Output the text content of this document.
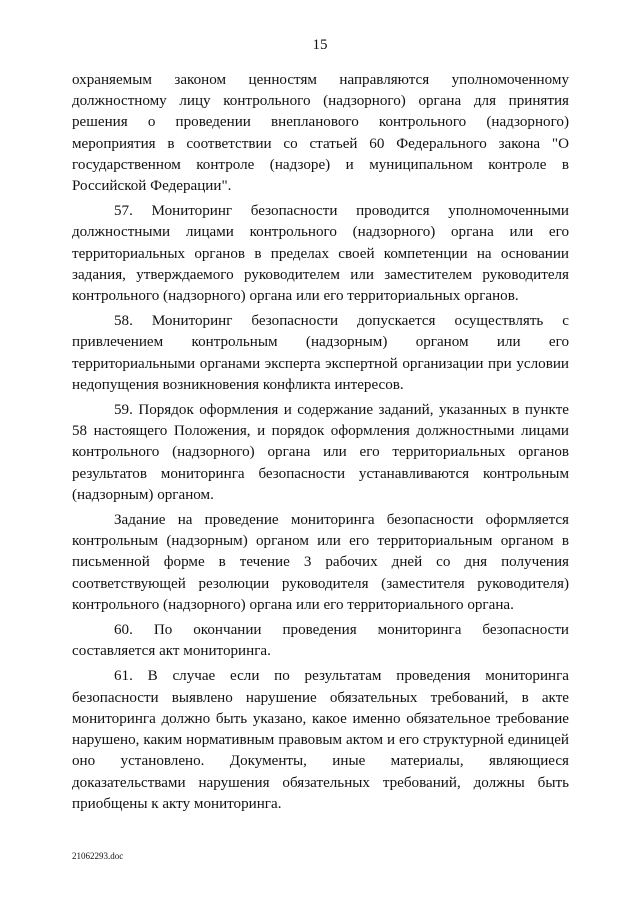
15

охраняемым законом ценностям направляются уполномоченному должностному лицу контрольного (надзорного) органа для принятия решения о проведении внепланового контрольного (надзорного) мероприятия в соответствии со статьей 60 Федерального закона "О государственном контроле (надзоре) и муниципальном контроле в Российской Федерации".

57. Мониторинг безопасности проводится уполномоченными должностными лицами контрольного (надзорного) органа или его территориальных органов в пределах своей компетенции на основании задания, утверждаемого руководителем или заместителем руководителя контрольного (надзорного) органа или его территориальных органов.

58. Мониторинг безопасности допускается осуществлять с привлечением контрольным (надзорным) органом или его территориальными органами эксперта экспертной организации при условии недопущения возникновения конфликта интересов.

59. Порядок оформления и содержание заданий, указанных в пункте 58 настоящего Положения, и порядок оформления должностными лицами контрольного (надзорного) органа или его территориальных органов результатов мониторинга безопасности устанавливаются контрольным (надзорным) органом.

Задание на проведение мониторинга безопасности оформляется контрольным (надзорным) органом или его территориальным органом в письменной форме в течение 3 рабочих дней со дня получения соответствующей резолюции руководителя (заместителя руководителя) контрольного (надзорного) органа или его территориального органа.

60. По окончании проведения мониторинга безопасности составляется акт мониторинга.

61. В случае если по результатам проведения мониторинга безопасности выявлено нарушение обязательных требований, в акте мониторинга должно быть указано, какое именно обязательное требование нарушено, каким нормативным правовым актом и его структурной единицей оно установлено. Документы, иные материалы, являющиеся доказательствами нарушения обязательных требований, должны быть приобщены к акту мониторинга.

21062293.doc
